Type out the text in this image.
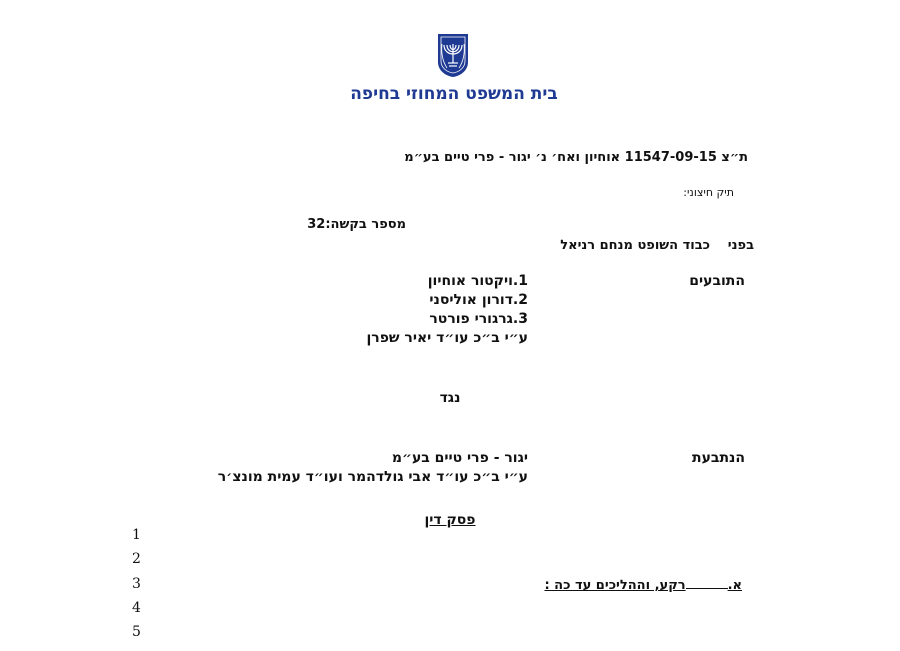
בית המשפט המחוזי בחיפה
ת״צ 11547-09-15 אוחיון ואח׳ נ׳ יגור - פרי טיים בע״מ
תיק חיצוני:
מספר בקשה:32
בפני
כבוד השופט מנחם רניאל
התובעים
1.ויקטור אוחיון
2.דורון אוליסני
3.גרגורי פורטר
ע״י ב״כ עו״ד יאיר שפרן
נגד
הנתבעת
יגור - פרי טיים בע״מ
ע״י ב״כ עו״ד אבי גולדהמר ועו״ד עמית מונצ׳ר
פסק דין
1
2
3
4
5
א.רקע, וההליכים עד כה :
